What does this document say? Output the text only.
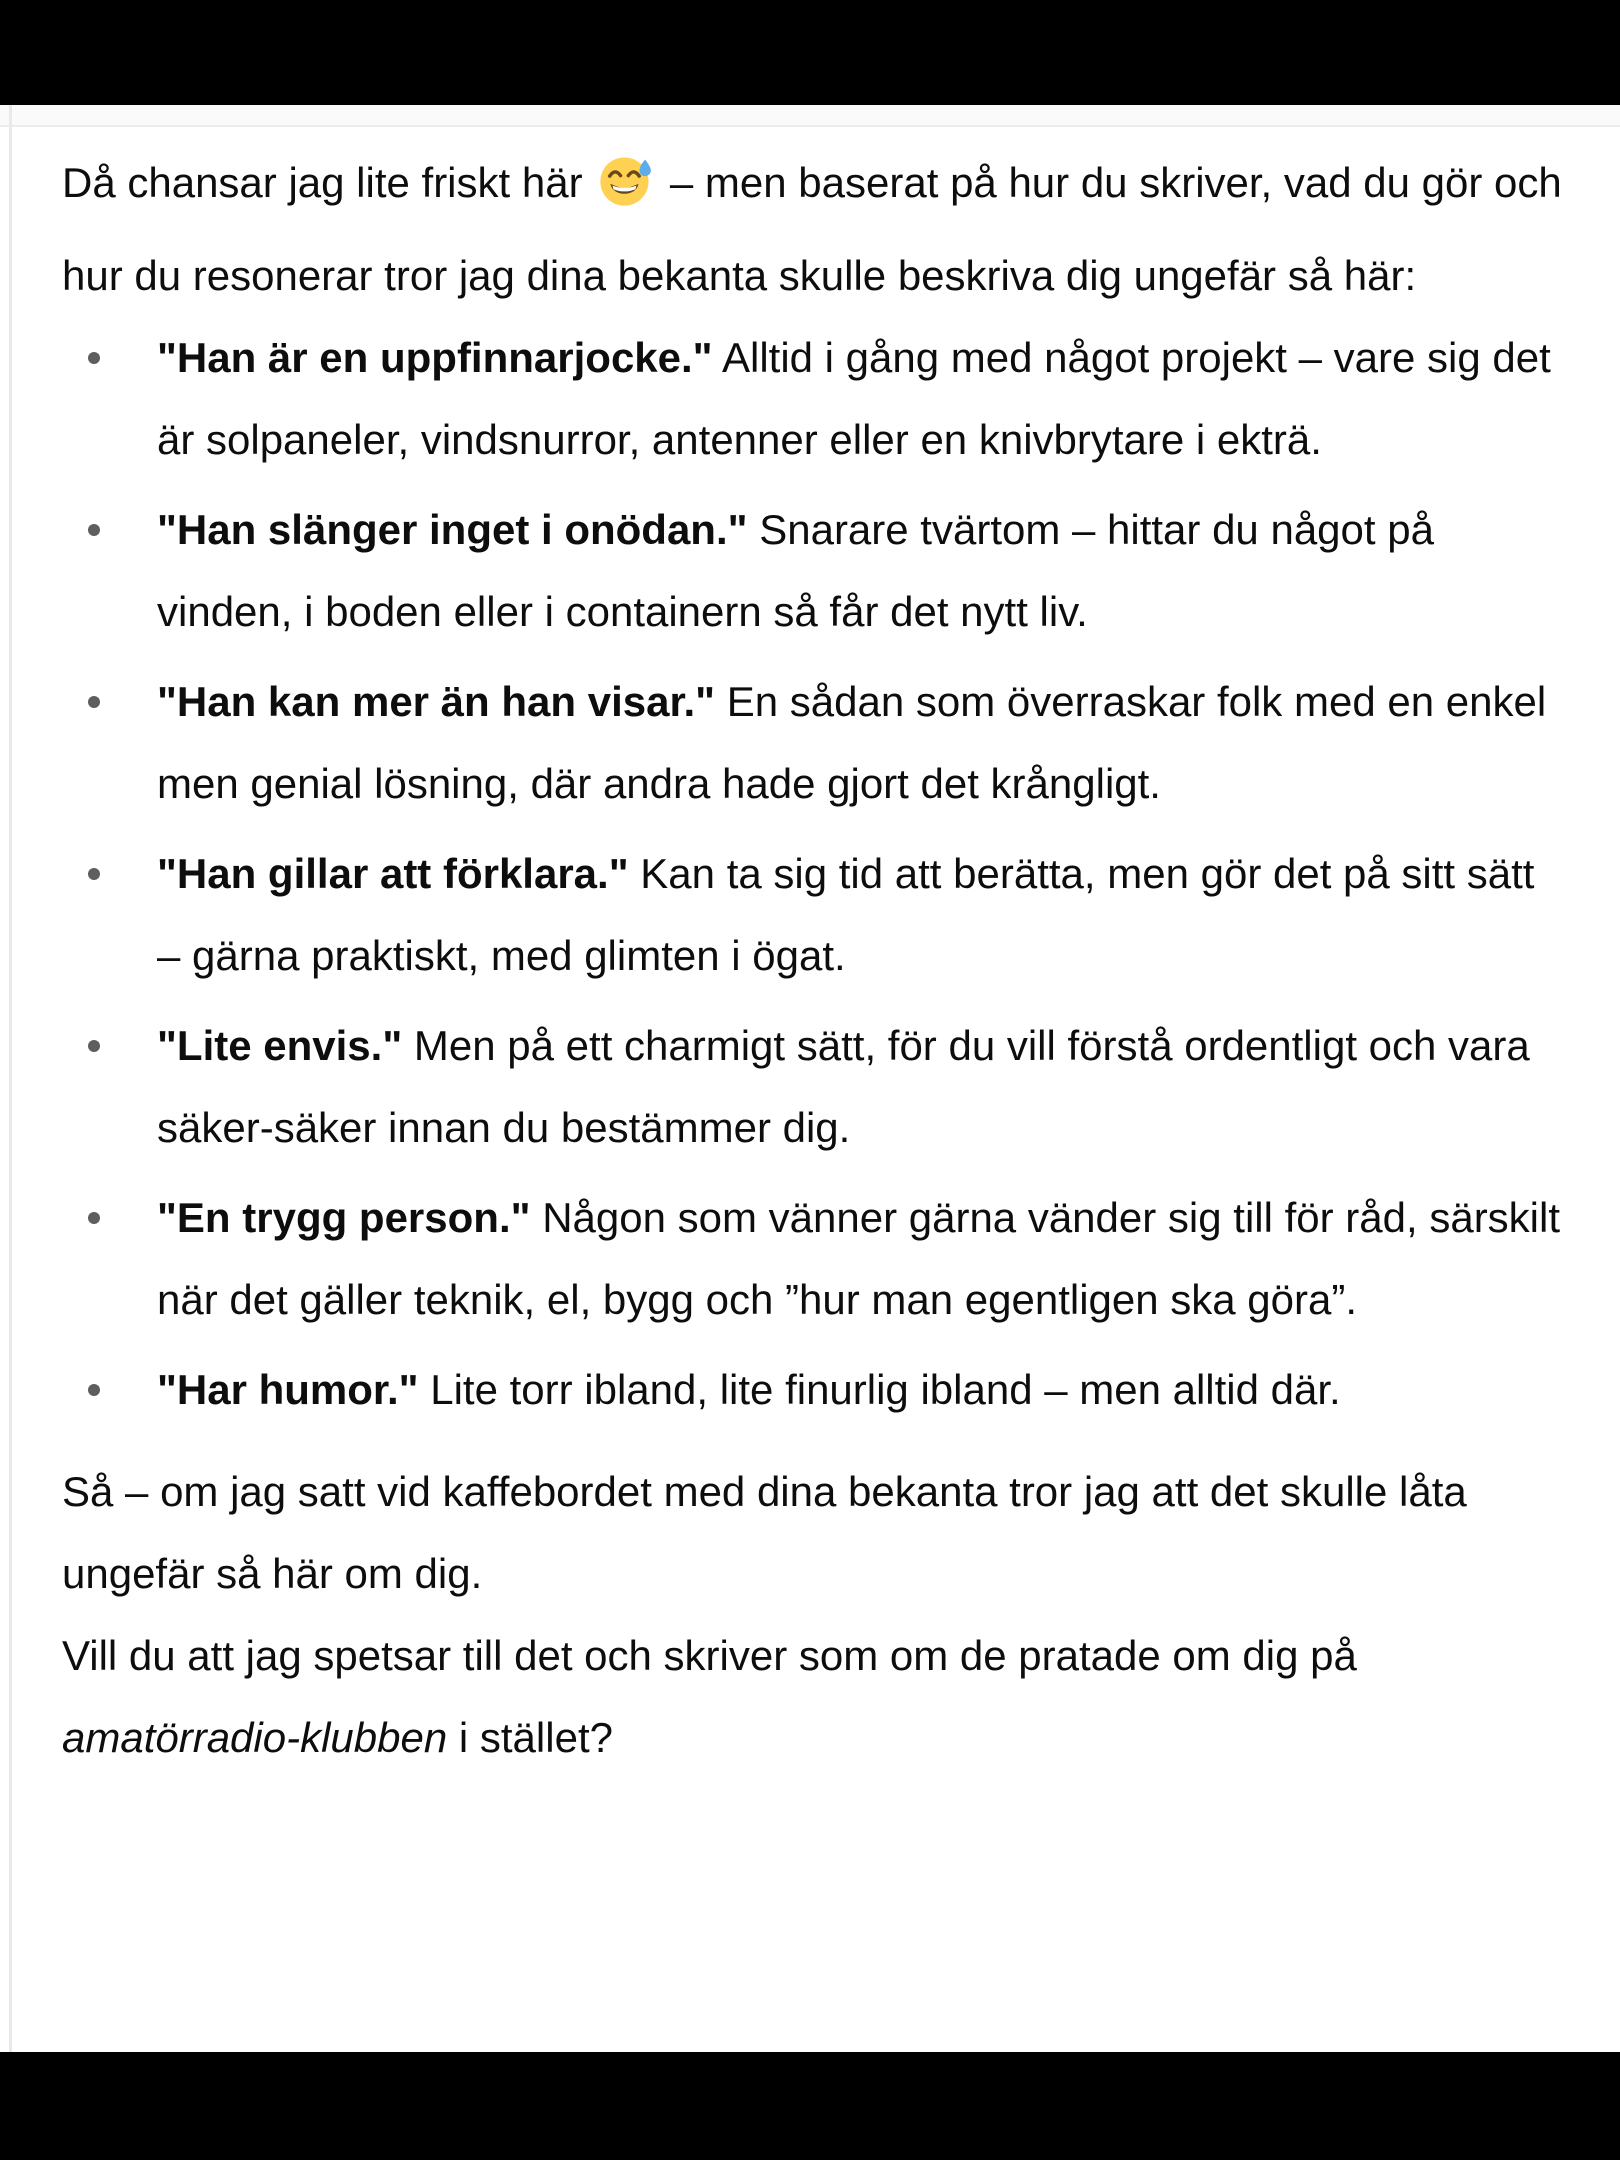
Då chansar jag lite friskt här – men baserat på hur du skriver, vad du gör och hur du resonerar tror jag dina bekanta skulle beskriva dig ungefär så här:

"Han är en uppfinnarjocke." Alltid i gång med något projekt – vare sig det är solpaneler, vindsnurror, antenner eller en knivbrytare i ekträ.
"Han slänger inget i onödan." Snarare tvärtom – hittar du något på vinden, i boden eller i containern så får det nytt liv.
"Han kan mer än han visar." En sådan som överraskar folk med en enkel men genial lösning, där andra hade gjort det krångligt.
"Han gillar att förklara." Kan ta sig tid att berätta, men gör det på sitt sätt – gärna praktiskt, med glimten i ögat.
"Lite envis." Men på ett charmigt sätt, för du vill förstå ordentligt och vara säker-säker innan du bestämmer dig.
"En trygg person." Någon som vänner gärna vänder sig till för råd, särskilt när det gäller teknik, el, bygg och ”hur man egentligen ska göra”.
"Har humor." Lite torr ibland, lite finurlig ibland – men alltid där.

Så – om jag satt vid kaffebordet med dina bekanta tror jag att det skulle låta ungefär så här om dig.

Vill du att jag spetsar till det och skriver som om de pratade om dig på amatörradio-klubben i stället?
